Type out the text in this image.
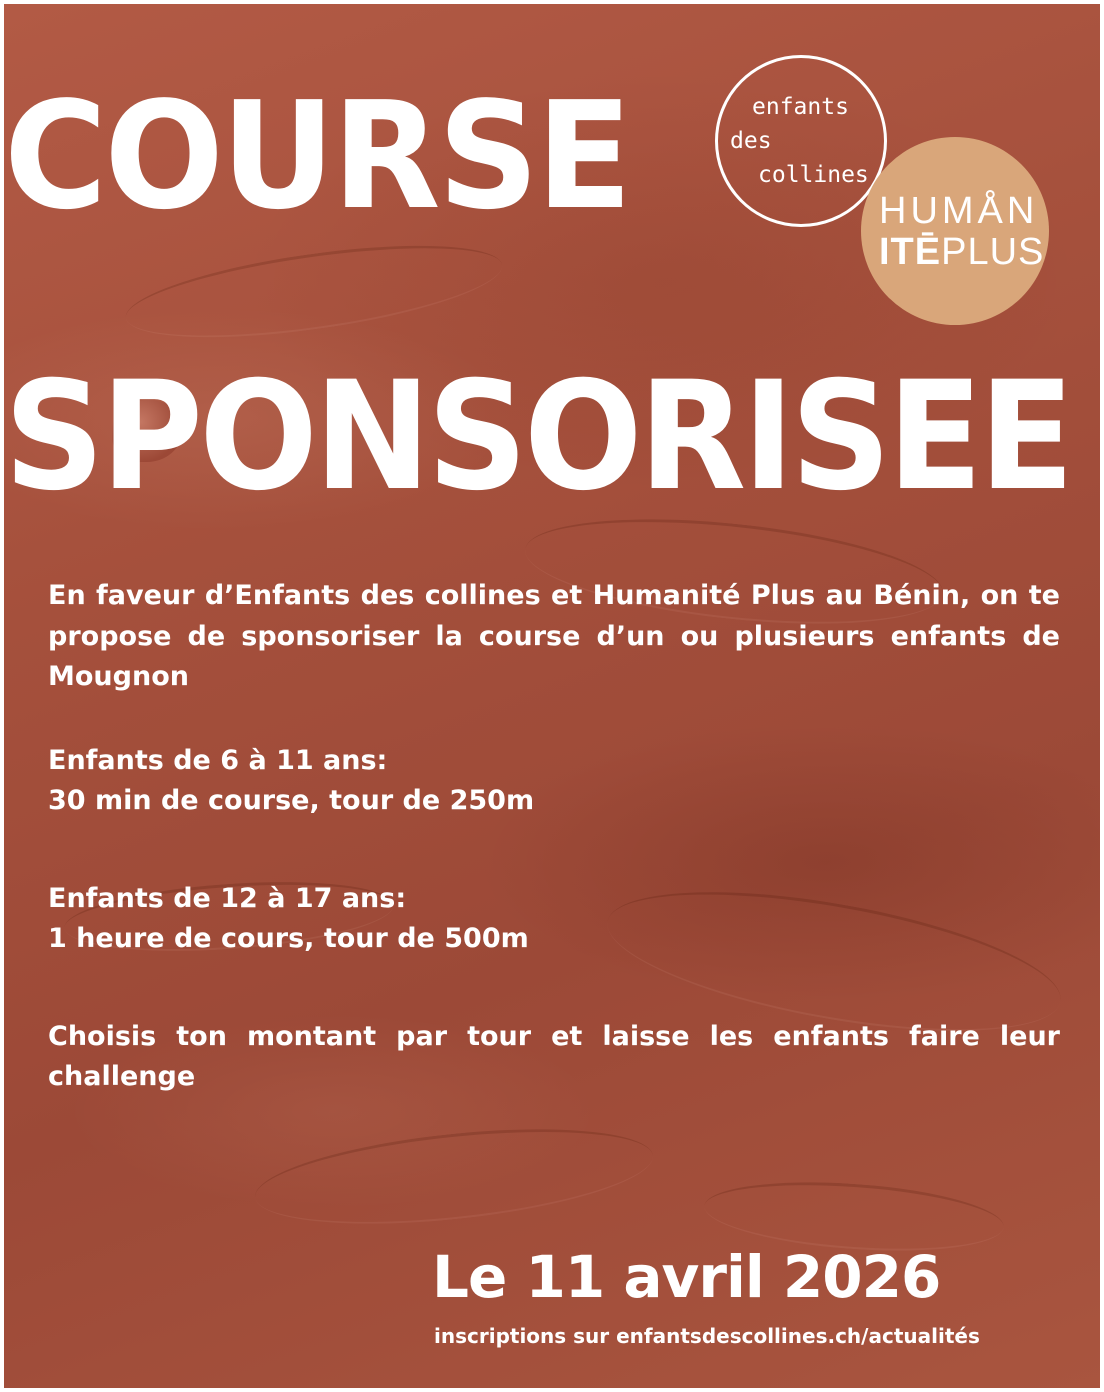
COURSE
SPONSORISEE
enfants
des
collines
HUMÅN
ITĒPLUS

En faveur d’Enfants des collines et Humanité Plus au Bénin, on te propose de sponsoriser la course d’un ou plusieurs enfants de Mougnon

Enfants de 6 à 11 ans:

30 min de course, tour de 250m

Enfants de 12 à 17 ans:

1 heure de cours, tour de 500m

Choisis ton montant par tour et laisse les enfants faire leur challenge

Le 11 avril 2026
inscriptions sur enfantsdescollines.ch/actualités
